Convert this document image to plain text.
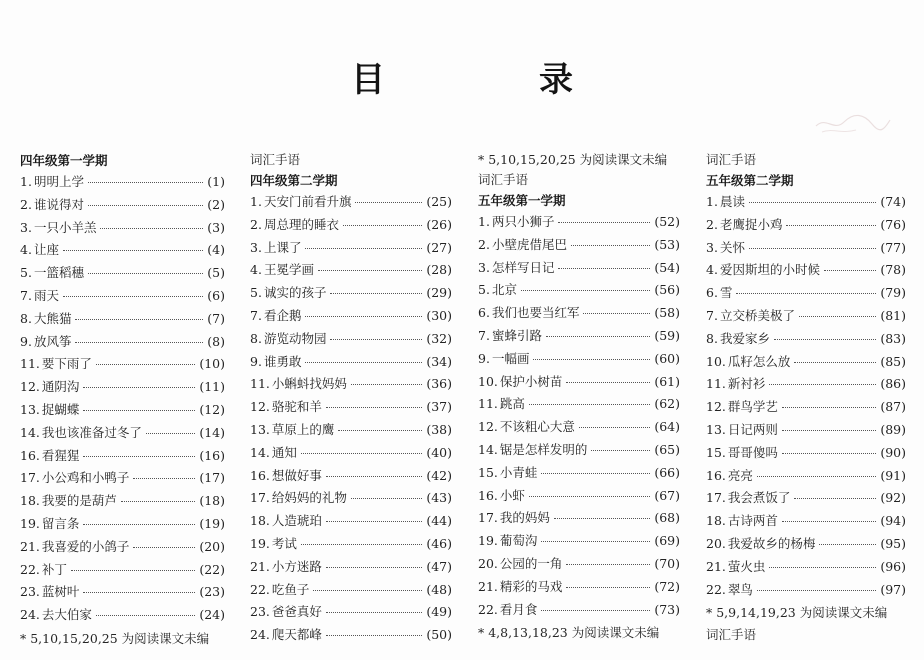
目　录
四年级第一学期
1. 明明上学	(1)
2. 谁说得对	(2)
3. 一只小羊羔	(3)
4. 让座	(4)
5. 一篮稻穗	(5)
7. 雨天	(6)
8. 大熊猫	(7)
9. 放风筝	(8)
11. 要下雨了	(10)
12. 通阴沟	(11)
13. 捉蝴蝶	(12)
14. 我也该准备过冬了	(14)
16. 看猩猩	(16)
17. 小公鸡和小鸭子	(17)
18. 我要的是葫芦	(18)
19. 留言条	(19)
21. 我喜爱的小鸽子	(20)
22. 补丁	(22)
23. 蓝树叶	(23)
24. 去大伯家	(24)
* 5,10,15,20,25 为阅读课文未编
词汇手语
四年级第二学期
1. 天安门前看升旗	(25)
2. 周总理的睡衣	(26)
3. 上课了	(27)
4. 王冕学画	(28)
5. 诚实的孩子	(29)
7. 看企鹅	(30)
8. 游览动物园	(32)
9. 谁勇敢	(34)
11. 小蝌蚪找妈妈	(36)
12. 骆驼和羊	(37)
13. 草原上的鹰	(38)
14. 通知	(40)
16. 想做好事	(42)
17. 给妈妈的礼物	(43)
18. 人造琥珀	(44)
19. 考试	(46)
21. 小方迷路	(47)
22. 吃鱼子	(48)
23. 爸爸真好	(49)
24. 爬天都峰	(50)
* 5,10,15,20,25 为阅读课文未编
词汇手语
五年级第一学期
1. 两只小狮子	(52)
2. 小壁虎借尾巴	(53)
3. 怎样写日记	(54)
5. 北京	(56)
6. 我们也要当红军	(58)
7. 蜜蜂引路	(59)
9. 一幅画	(60)
10. 保护小树苗	(61)
11. 跳高	(62)
12. 不该粗心大意	(64)
14. 锯是怎样发明的	(65)
15. 小青蛙	(66)
16. 小虾	(67)
17. 我的妈妈	(68)
19. 葡萄沟	(69)
20. 公园的一角	(70)
21. 精彩的马戏	(72)
22. 看月食	(73)
* 4,8,13,18,23 为阅读课文未编
词汇手语
五年级第二学期
1. 晨读	(74)
2. 老鹰捉小鸡	(76)
3. 关怀	(77)
4. 爱因斯坦的小时候	(78)
6. 雪	(79)
7. 立交桥美极了	(81)
8. 我爱家乡	(83)
10. 瓜籽怎么放	(85)
11. 新衬衫	(86)
12. 群鸟学艺	(87)
13. 日记两则	(89)
15. 哥哥傻吗	(90)
16. 亮亮	(91)
17. 我会煮饭了	(92)
18. 古诗两首	(94)
20. 我爱故乡的杨梅	(95)
21. 萤火虫	(96)
22. 翠鸟	(97)
* 5,9,14,19,23 为阅读课文未编
词汇手语
